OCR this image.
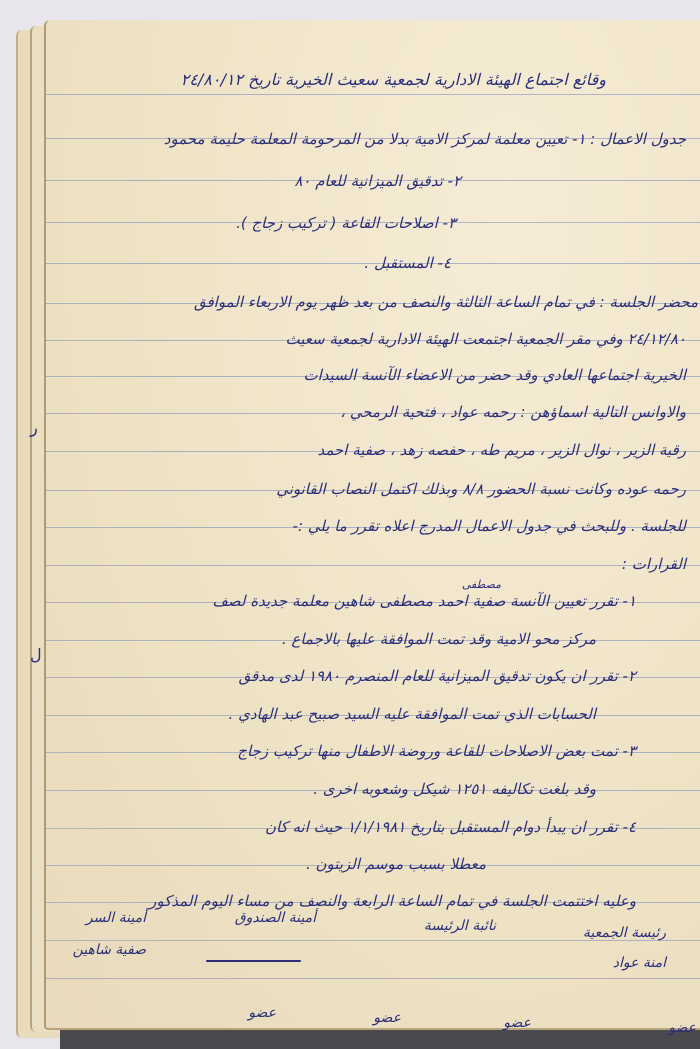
وقائع اجتماع الهيئة الادارية لجمعية سعيث الخيرية تاريخ ٢٤/٨٠/١٢
جدول الاعمال : ١- تعيين معلمة لمركز الامية بدلا من المرحومة المعلمة حليمة محمود
٢- تدقيق الميزانية للعام ٨٠
٣- اصلاحات القاعة ( تركيب زجاج ).
٤- المستقبل .
محضر الجلسة : في تمام الساعة الثالثة والنصف من بعد ظهر يوم الاربعاء الموافق
٢٤/١٢/٨٠ وفي مقر الجمعية اجتمعت الهيئة الادارية لجمعية سعيث
الخيرية اجتماعها العادي وقد حضر من الاعضاء الآنسة السيدات
والاوانس التالية اسماؤهن : رحمه عواد ، فتحية الرمحي ،
رقية الزير ، نوال الزير ، مريم طه ، حفصه زهد ، صفية احمد
رحمه عوده وكانت نسبة الحضور ٨/٨ وبذلك اكتمل النصاب القانوني
للجلسة . وللبحث في جدول الاعمال المدرج اعلاه تقرر ما يلي :-
القرارات :
مصطفى
١- تقرر تعيين الآنسة صفية احمد مصطفى شاهين معلمة جديدة لصف
مركز محو الامية وقد تمت الموافقة عليها بالاجماع .
٢- تقرر ان يكون تدقيق الميزانية للعام المنصرم ١٩٨٠ لدى مدقق
الحسابات الذي تمت الموافقة عليه السيد صبيح عبد الهادي .
٣- تمت بعض الاصلاحات للقاعة وروضة الاطفال منها تركيب زجاج
وقد بلغت تكاليفه ١٢٥١ شيكل وشعوبه اخرى .
٤- تقرر ان يبدأ دوام المستقبل بتاريخ ١/١/١٩٨١ حيث انه كان
معطلا بسبب موسم الزيتون .
وعليه اختتمت الجلسة في تمام الساعة الرابعة والنصف من مساء اليوم المذكور
رئيسة الجمعية
امنة عواد
نائبة الرئيسة
أمينة الصندوق
أمينة السر
صفية شاهين
عضو
عضو
عضو
عضو
ر
ل
